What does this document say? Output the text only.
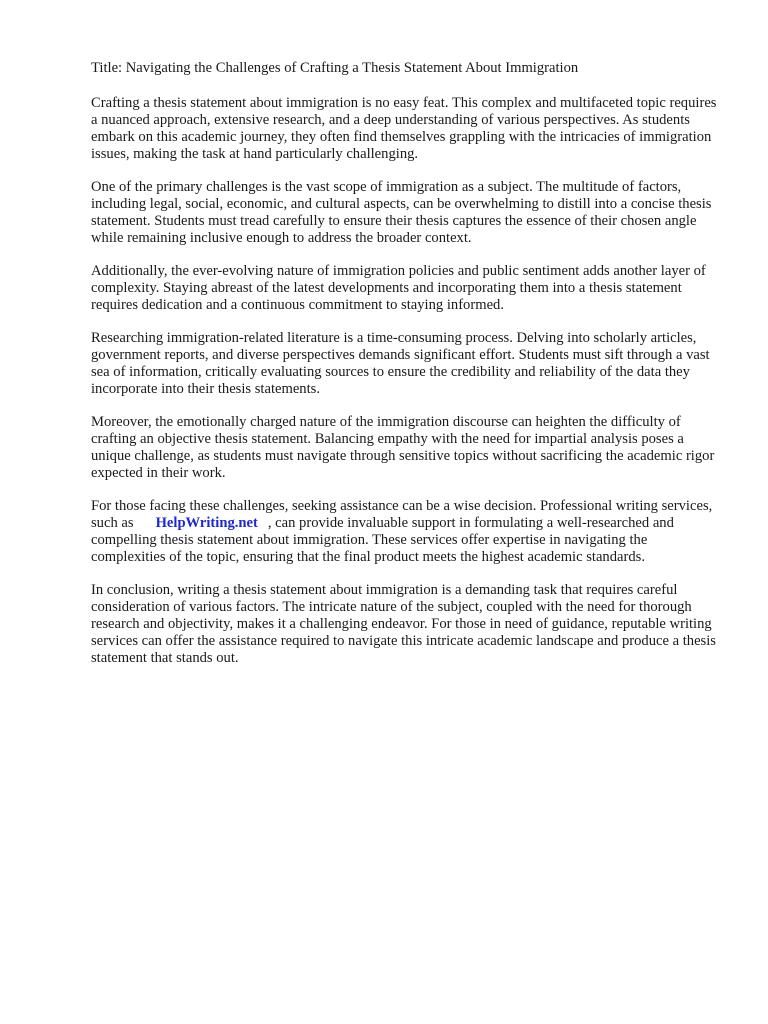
Title: Navigating the Challenges of Crafting a Thesis Statement About Immigration

Crafting a thesis statement about immigration is no easy feat. This complex and multifaceted topic requires a nuanced approach, extensive research, and a deep understanding of various perspectives. As students embark on this academic journey, they often find themselves grappling with the intricacies of immigration issues, making the task at hand particularly challenging.

One of the primary challenges is the vast scope of immigration as a subject. The multitude of factors, including legal, social, economic, and cultural aspects, can be overwhelming to distill into a concise thesis statement. Students must tread carefully to ensure their thesis captures the essence of their chosen angle while remaining inclusive enough to address the broader context.

Additionally, the ever-evolving nature of immigration policies and public sentiment adds another layer of complexity. Staying abreast of the latest developments and incorporating them into a thesis statement requires dedication and a continuous commitment to staying informed.

Researching immigration-related literature is a time-consuming process. Delving into scholarly articles, government reports, and diverse perspectives demands significant effort. Students must sift through a vast sea of information, critically evaluating sources to ensure the credibility and reliability of the data they incorporate into their thesis statements.

Moreover, the emotionally charged nature of the immigration discourse can heighten the difficulty of crafting an objective thesis statement. Balancing empathy with the need for impartial analysis poses a unique challenge, as students must navigate through sensitive topics without sacrificing the academic rigor expected in their work.

For those facing these challenges, seeking assistance can be a wise decision. Professional writing services, such as HelpWriting.net , can provide invaluable support in formulating a well-researched and compelling thesis statement about immigration. These services offer expertise in navigating the complexities of the topic, ensuring that the final product meets the highest academic standards.

In conclusion, writing a thesis statement about immigration is a demanding task that requires careful consideration of various factors. The intricate nature of the subject, coupled with the need for thorough research and objectivity, makes it a challenging endeavor. For those in need of guidance, reputable writing services can offer the assistance required to navigate this intricate academic landscape and produce a thesis statement that stands out.
